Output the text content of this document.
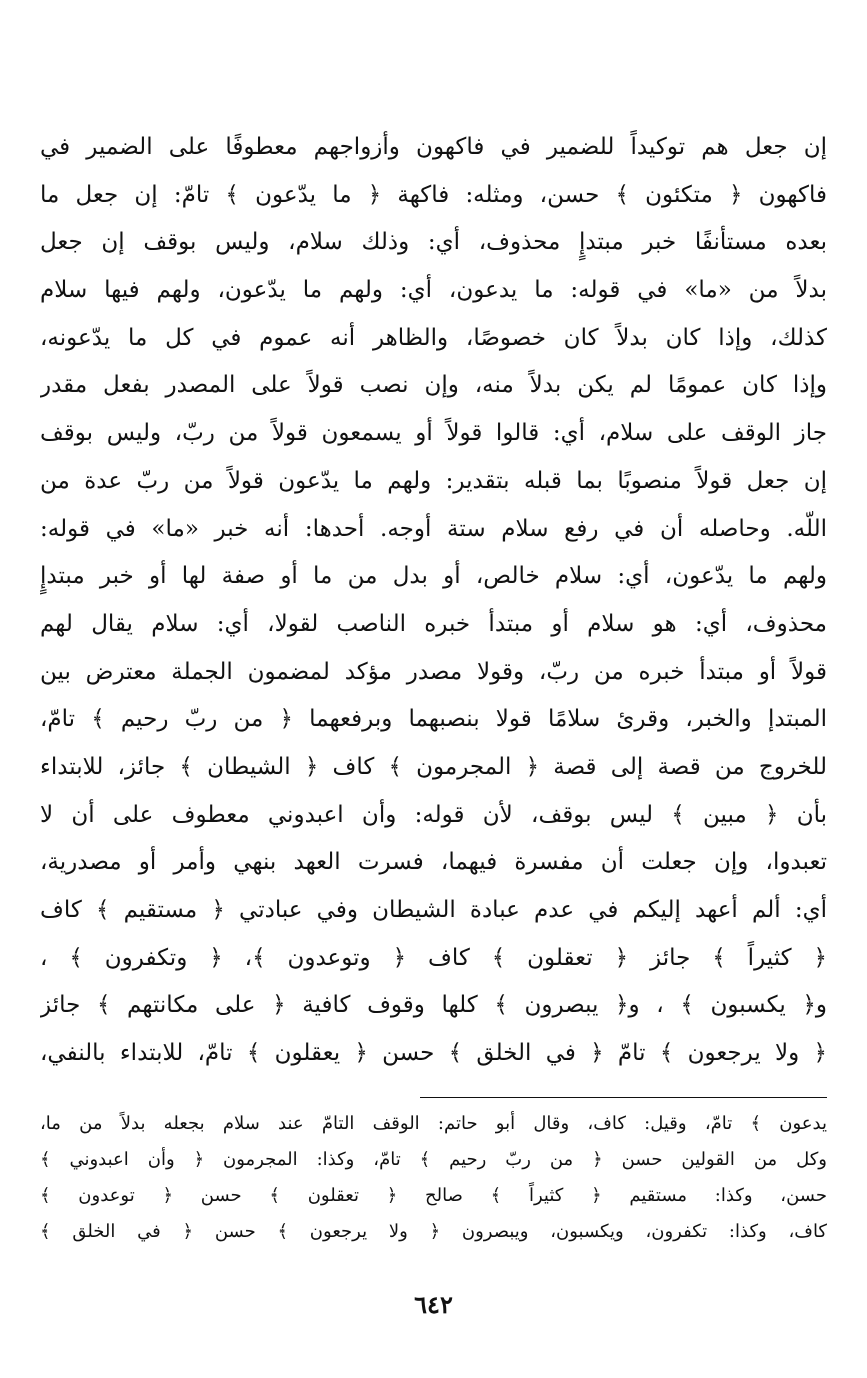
إن جعل هم توكيداً للضمير في فاكهون وأزواجهم معطوفًا على الضمير في
فاكهون ﴿ متكئون ﴾ حسن، ومثله: فاكهة ﴿ ما يدّعون ﴾ تامّ: إن جعل ما
بعده مستأنفًا خبر مبتدإٍ محذوف، أي: وذلك سلام، وليس بوقف إن جعل
بدلاً من «ما» في قوله: ما يدعون، أي: ولهم ما يدّعون، ولهم فيها سلام
كذلك، وإذا كان بدلاً كان خصوصًا، والظاهر أنه عموم في كل ما يدّعونه،
وإذا كان عمومًا لم يكن بدلاً منه، وإن نصب قولاً على المصدر بفعل مقدر
جاز الوقف على سلام، أي: قالوا قولاً أو يسمعون قولاً من ربّ، وليس بوقف
إن جعل قولاً منصوبًا بما قبله بتقدير: ولهم ما يدّعون قولاً من ربّ عدة من
اللّه. وحاصله أن في رفع سلام ستة أوجه. أحدها: أنه خبر «ما» في قوله:
ولهم ما يدّعون، أي: سلام خالص، أو بدل من ما أو صفة لها أو خبر مبتدإٍ
محذوف، أي: هو سلام أو مبتدأ خبره الناصب لقولا، أي: سلام يقال لهم
قولاً أو مبتدأ خبره من ربّ، وقولا مصدر مؤكد لمضمون الجملة معترض بين
المبتدإ والخبر، وقرئ سلامًا قولا بنصبهما وبرفعهما ﴿ من ربّ رحيم ﴾ تامّ،
للخروج من قصة إلى قصة ﴿ المجرمون ﴾ كاف ﴿ الشيطان ﴾ جائز، للابتداء
بأن ﴿ مبين ﴾ ليس بوقف، لأن قوله: وأن اعبدوني معطوف على أن لا
تعبدوا، وإن جعلت أن مفسرة فيهما، فسرت العهد بنهي وأمر أو مصدرية،
أي: ألم أعهد إليكم في عدم عبادة الشيطان وفي عبادتي ﴿ مستقيم ﴾ كاف
﴿ كثيراً ﴾ جائز ﴿ تعقلون ﴾ كاف ﴿ وتوعدون ﴾، ﴿ وتكفرون ﴾ ،
و﴿ يكسبون ﴾ ، و﴿ يبصرون ﴾ كلها وقوف كافية ﴿ على مكانتهم ﴾ جائز
﴿ ولا يرجعون ﴾ تامّ ﴿ في الخلق ﴾ حسن ﴿ يعقلون ﴾ تامّ، للابتداء بالنفي،
يدعون ﴾ تامّ، وقيل: كاف، وقال أبو حاتم: الوقف التامّ عند سلام بجعله بدلاً من ما،
وكل من القولين حسن ﴿ من ربّ رحيم ﴾ تامّ، وكذا: المجرمون ﴿ وأن اعبدوني ﴾
حسن، وكذا: مستقيم ﴿ كثيراً ﴾ صالح ﴿ تعقلون ﴾ حسن ﴿ توعدون ﴾
كاف، وكذا: تكفرون، ويكسبون، ويبصرون ﴿ ولا يرجعون ﴾ حسن ﴿ في الخلق ﴾
٦٤٢
